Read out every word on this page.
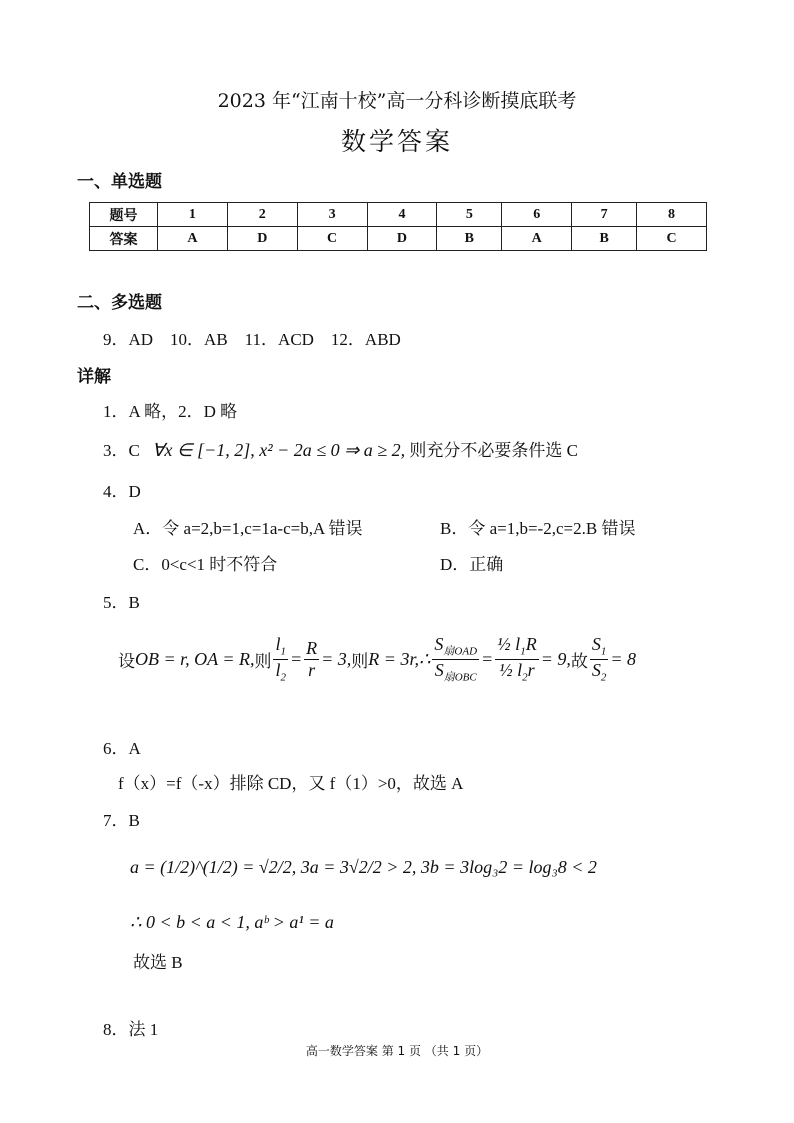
2023 年“江南十校”高一分科诊断摸底联考
数学答案
一、单选题
题号	1	2	3	4	5	6	7	8
答案	A	D	C	D	B	A	B	C
二、多选题
9．AD　10．AB　11．ACD　12．ABD
详解
1．A 略，2．D 略
3．C ∀x ∈ [−1, 2], x² − 2a ≤ 0 ⇒ a ≥ 2, 则充分不必要条件选 C
4．D
A．令 a=2,b=1,c=1a-c=b,A 错误	B．令 a=1,b=-2,c=2.B 错误
C．0<c<1 时不符合	D．正确
5．B
设 OB = r, OA = R, 则 $\frac{l_1}{l_2} = \frac{R}{r} = 3$, 则 R = 3r,∴ $\frac{S_{扇OAD}}{S_{扇OBC}} = \frac{\frac{1}{2} l_1R}{\frac{1}{2} l_2r} = 9$, 故 $\frac{S_1}{S_2} = 8$
6．A
f（x）=f（-x）排除 CD，又 f（1）>0，故选 A
7．B
a = (1/2)^(1/2) = √2/2, 3a = 3√2/2 > 2, 3b = 3log₃2 = log₃8 < 2
∴ 0 < b < a < 1, aᵇ > a¹ = a
故选 B
8．法 1
高一数学答案 第 1 页 （共 1 页）
